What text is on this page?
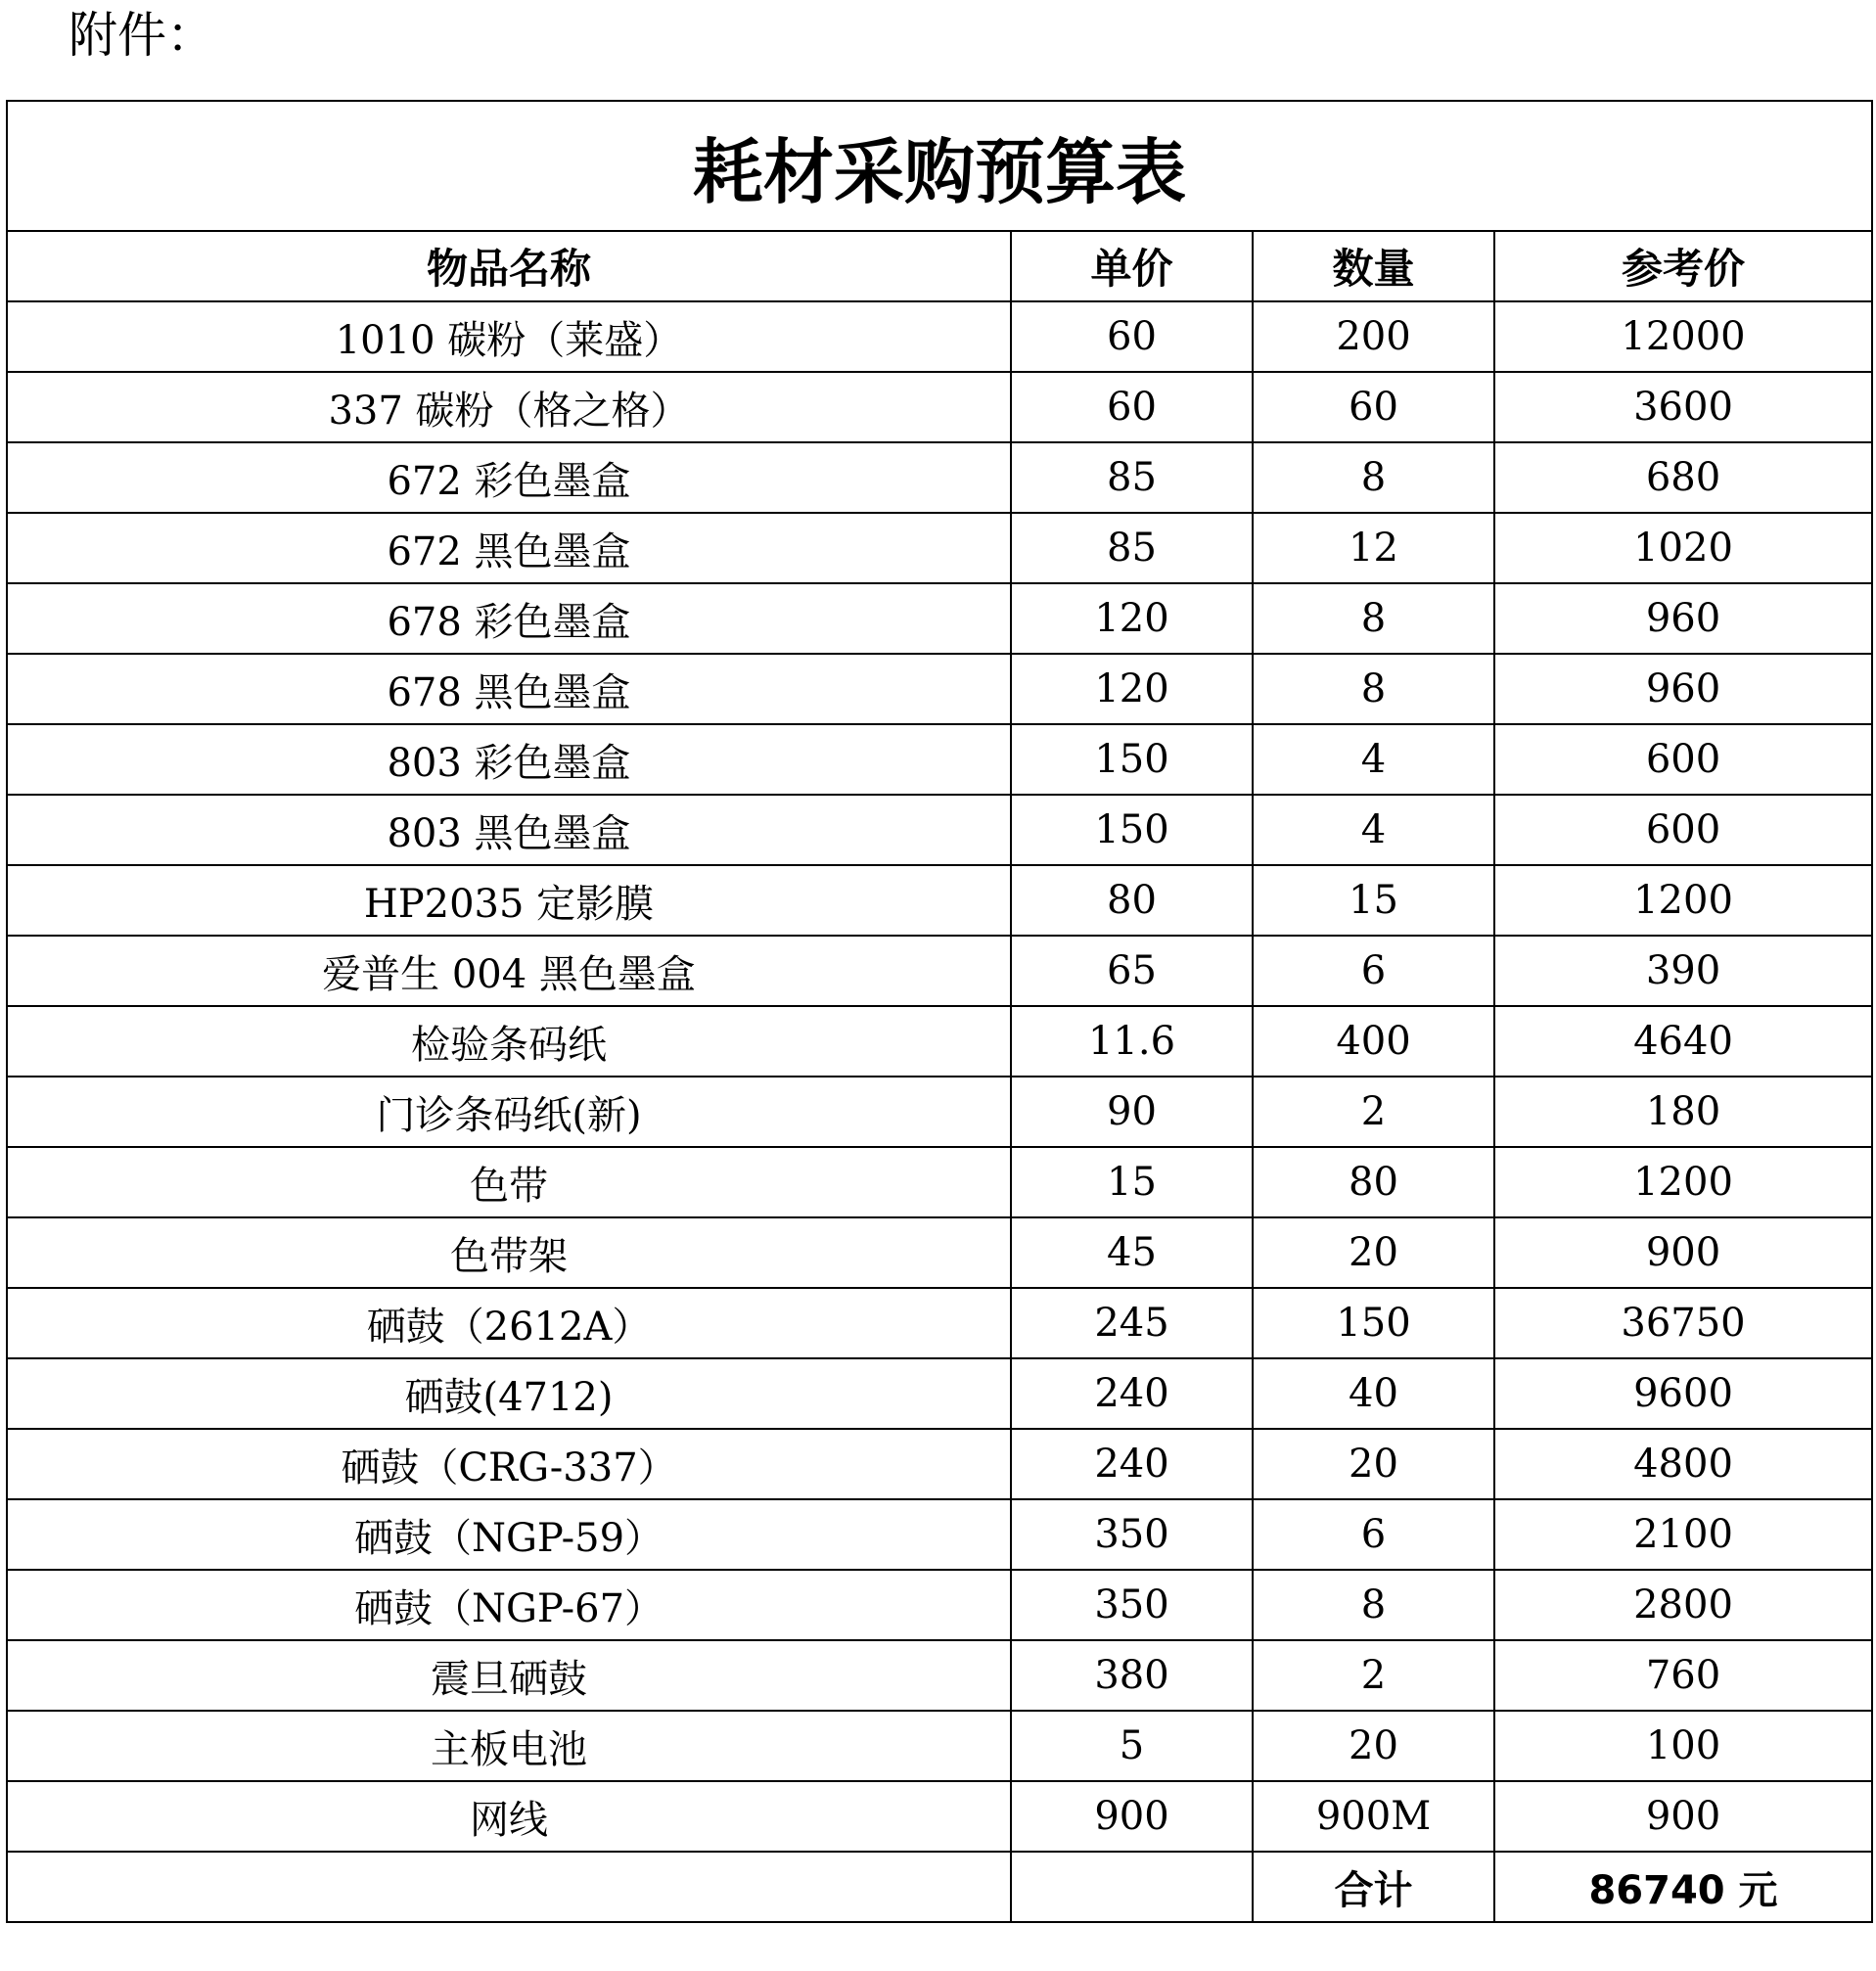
附件：
耗材采购预算表			
物品名称	单价	数量	参考价
1010 碳粉（莱盛）	60	200	12000
337 碳粉（格之格）	60	60	3600
672 彩色墨盒	85	8	680
672 黑色墨盒	85	12	1020
678 彩色墨盒	120	8	960
678 黑色墨盒	120	8	960
803 彩色墨盒	150	4	600
803 黑色墨盒	150	4	600
HP2035 定影膜	80	15	1200
爱普生 004 黑色墨盒	65	6	390
检验条码纸	11.6	400	4640
门诊条码纸(新)	90	2	180
色带	15	80	1200
色带架	45	20	900
硒鼓（2612A）	245	150	36750
硒鼓(4712)	240	40	9600
硒鼓（CRG-337）	240	20	4800
硒鼓（NGP-59）	350	6	2100
硒鼓（NGP-67）	350	8	2800
震旦硒鼓	380	2	760
主板电池	5	20	100
网线	900	900M	900
		合计	86740 元
